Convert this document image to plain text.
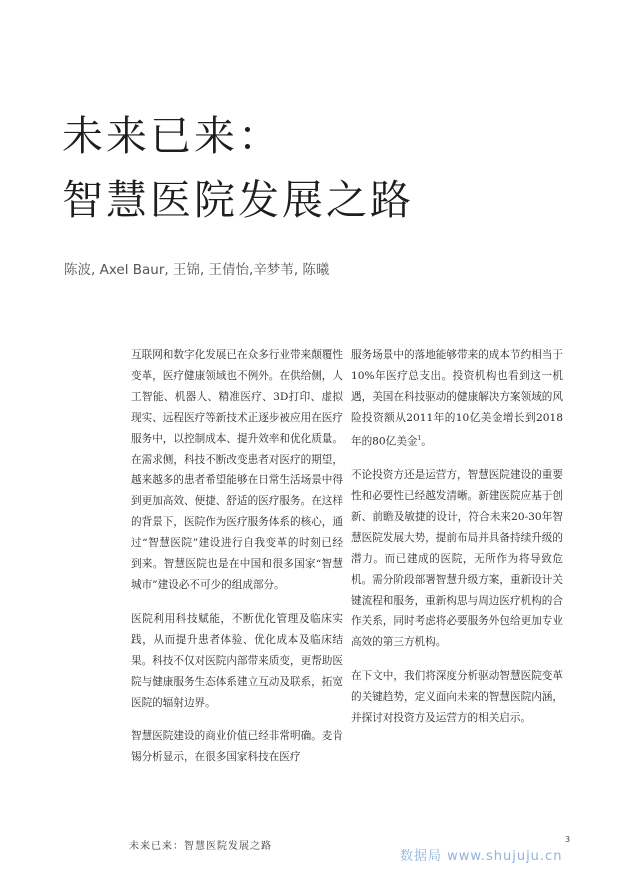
未来已来：
智慧医院发展之路
陈波, Axel Baur, 王锦, 王倩怡,辛梦苇, 陈曦

互联网和数字化发展已在众多行业带来颠覆性变革，医疗健康领域也不例外。在供给侧，人工智能、机器人、精准医疗、3D打印、虚拟现实、远程医疗等新技术正逐步被应用在医疗服务中，以控制成本、提升效率和优化质量。在需求侧，科技不断改变患者对医疗的期望，越来越多的患者希望能够在日常生活场景中得到更加高效、便捷、舒适的医疗服务。在这样的背景下，医院作为医疗服务体系的核心，通过“智慧医院”建设进行自我变革的时刻已经到来。智慧医院也是在中国和很多国家“智慧城市”建设必不可少的组成部分。

医院利用科技赋能，不断优化管理及临床实践，从而提升患者体验、优化成本及临床结果。科技不仅对医院内部带来质变，更帮助医院与健康服务生态体系建立互动及联系，拓宽医院的辐射边界。

智慧医院建设的商业价值已经非常明确。麦肯锡分析显示，在很多国家科技在医疗

服务场景中的落地能够带来的成本节约相当于10%年医疗总支出。投资机构也看到这一机遇，美国在科技驱动的健康解决方案领域的风险投资额从2011年的10亿美金增长到2018年的80亿美金$^1$。

不论投资方还是运营方，智慧医院建设的重要性和必要性已经越发清晰。新建医院应基于创新、前瞻及敏捷的设计，符合未来20-30年智慧医院发展大势，提前布局并具备持续升级的潜力。而已建成的医院，无所作为将导致危机。需分阶段部署智慧升级方案，重新设计关键流程和服务，重新构思与周边医疗机构的合作关系，同时考虑将必要服务外包给更加专业高效的第三方机构。

在下文中，我们将深度分析驱动智慧医院变革的关键趋势，定义面向未来的智慧医院内涵，并探讨对投资方及运营方的相关启示。

未来已来：智慧医院发展之路
3
数据局 www.shujuju.cn
